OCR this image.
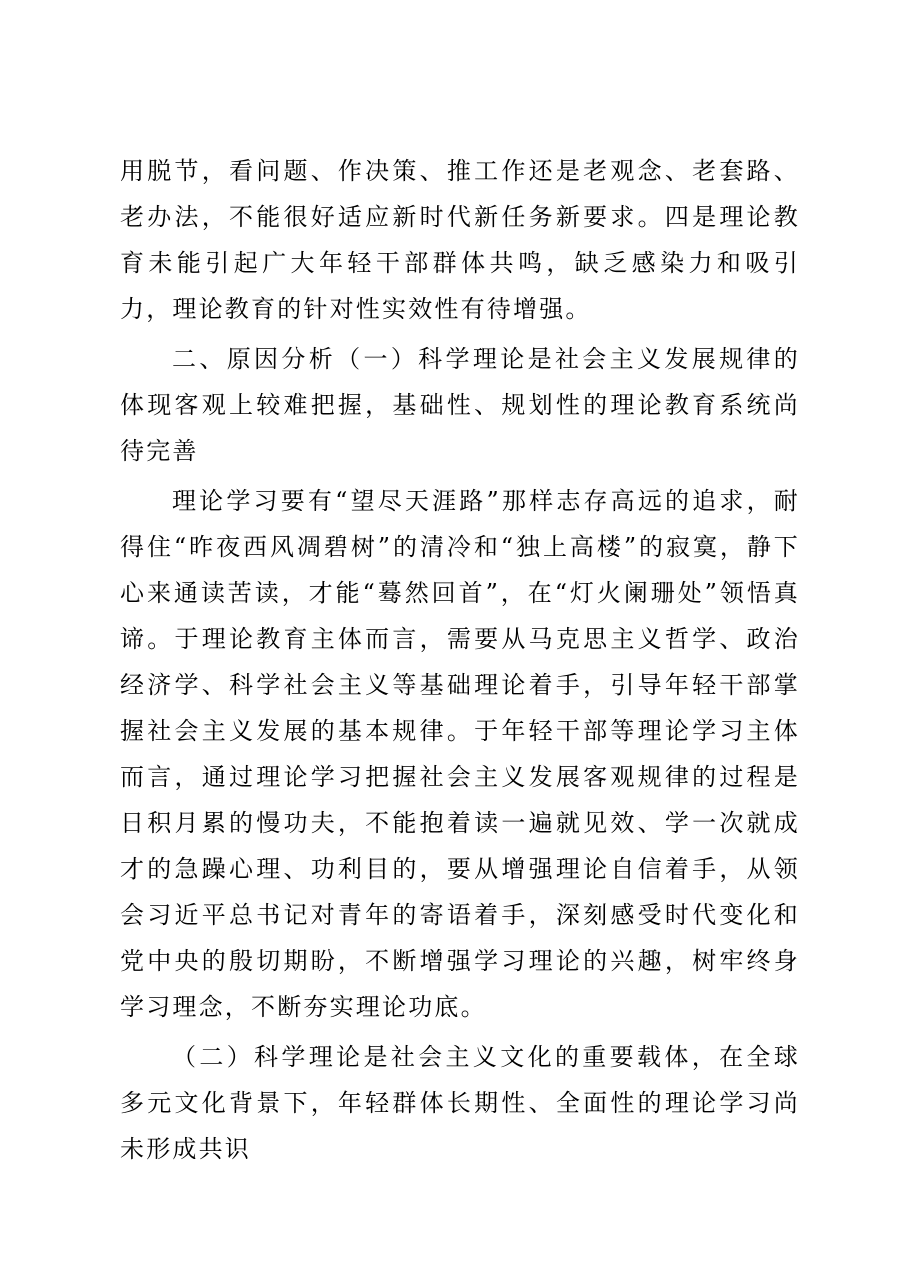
用脱节，看问题、作决策、推工作还是老观念、老套路、老办法，不能很好适应新时代新任务新要求。四是理论教育未能引起广大年轻干部群体共鸣，缺乏感染力和吸引力，理论教育的针对性实效性有待增强。

二、原因分析（一）科学理论是社会主义发展规律的体现客观上较难把握，基础性、规划性的理论教育系统尚待完善

理论学习要有“望尽天涯路”那样志存高远的追求，耐得住“昨夜西风凋碧树”的清冷和“独上高楼”的寂寞，静下心来通读苦读，才能“蓦然回首”，在“灯火阑珊处”领悟真谛。于理论教育主体而言，需要从马克思主义哲学、政治经济学、科学社会主义等基础理论着手，引导年轻干部掌握社会主义发展的基本规律。于年轻干部等理论学习主体而言，通过理论学习把握社会主义发展客观规律的过程是日积月累的慢功夫，不能抱着读一遍就见效、学一次就成才的急躁心理、功利目的，要从增强理论自信着手，从领会习近平总书记对青年的寄语着手，深刻感受时代变化和党中央的殷切期盼，不断增强学习理论的兴趣，树牢终身学习理念，不断夯实理论功底。

（二）科学理论是社会主义文化的重要载体，在全球多元文化背景下，年轻群体长期性、全面性的理论学习尚未形成共识
